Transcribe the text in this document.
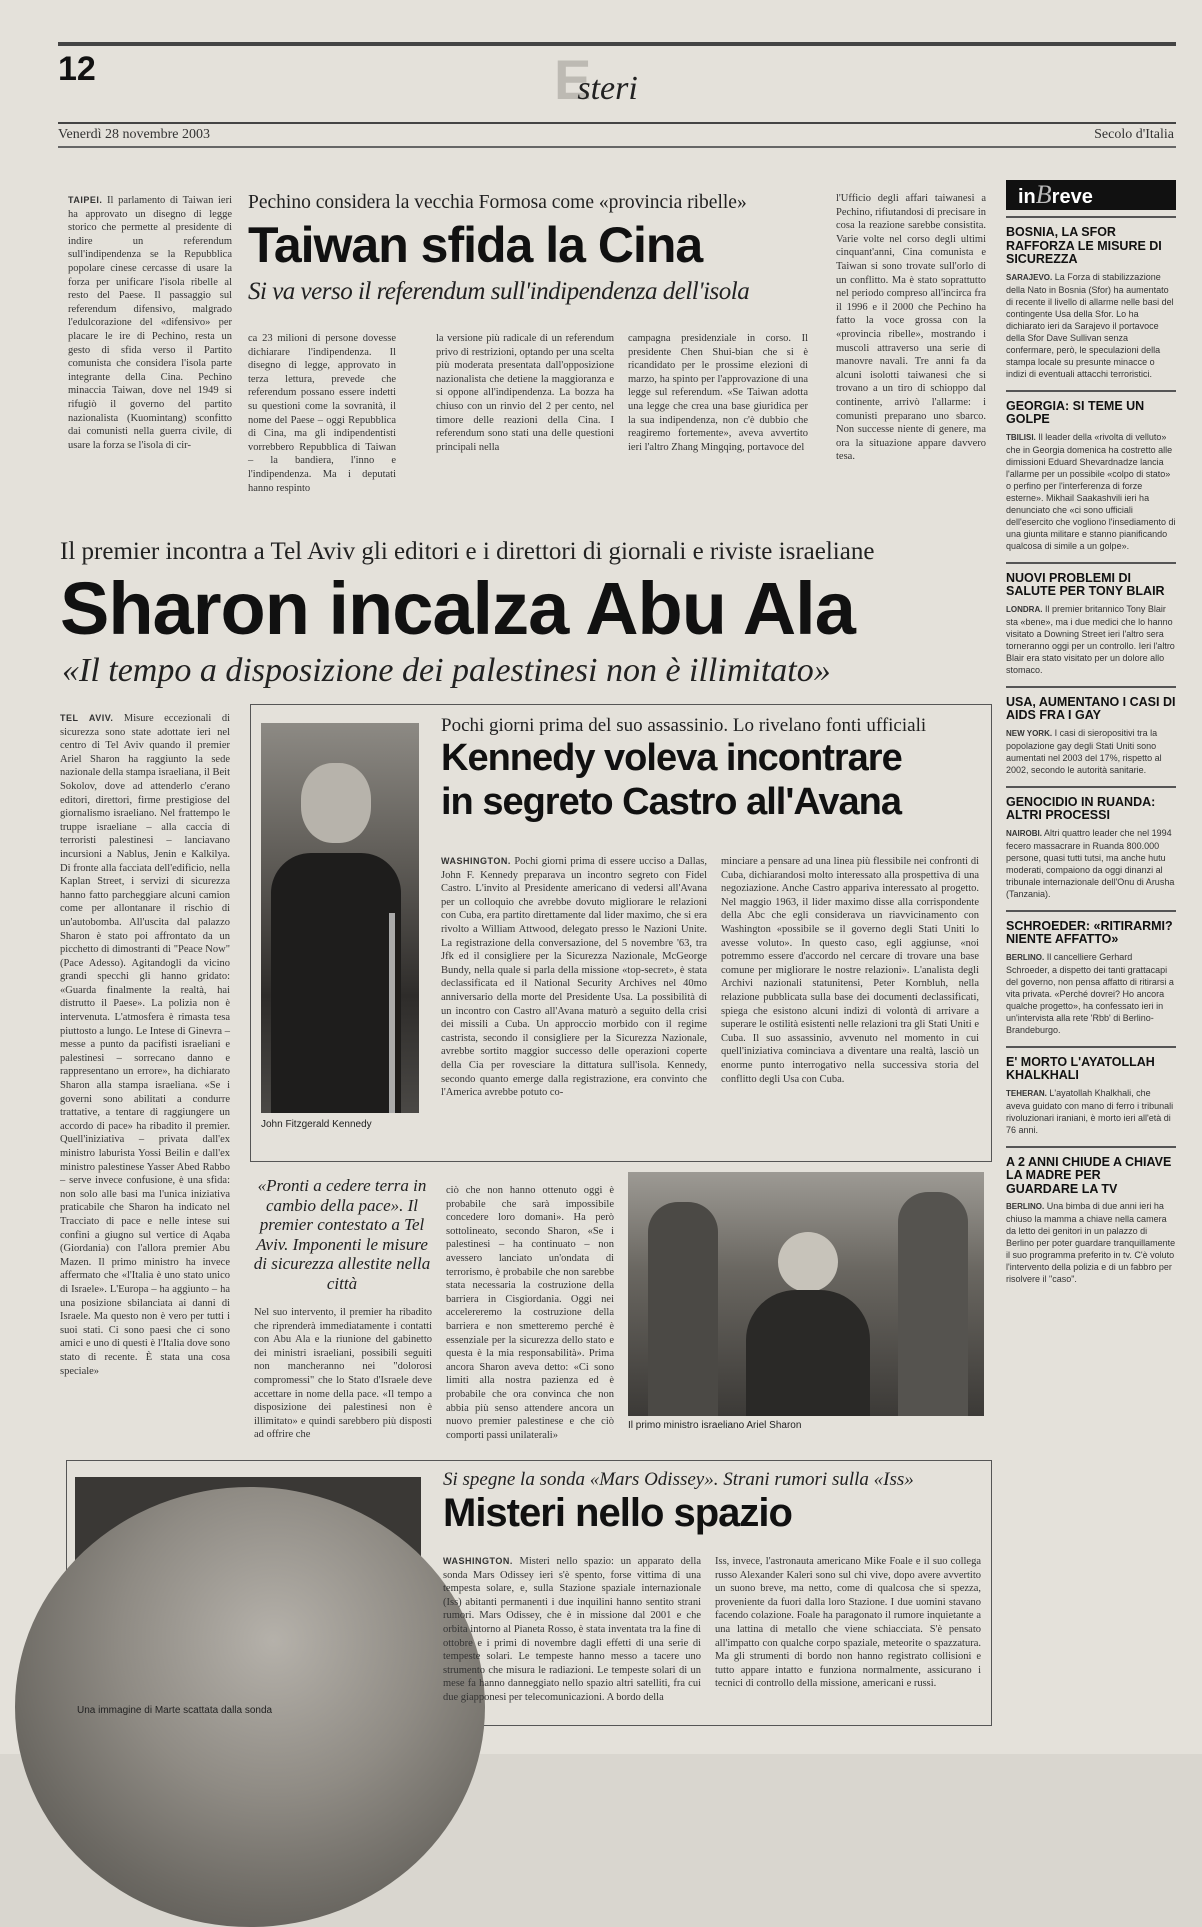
12	Esteri
Venerdì 28 novembre 2003	Secolo d'Italia
TAIPEI. Il parlamento di Taiwan ieri ha approvato un disegno di legge storico che permette al presidente di indire un referendum sull'indipendenza se la Repubblica popolare cinese cercasse di usare la forza per unificare l'isola ribelle al resto del Paese. Il passaggio sul referendum difensivo, malgrado l'edulcorazione del «difensivo» per placare le ire di Pechino, resta un gesto di sfida verso il Partito comunista che considera l'isola parte integrante della Cina. Pechino minaccia Taiwan, dove nel 1949 si rifugiò il governo del partito nazionalista (Kuomintang) sconfitto dai comunisti nella guerra civile, di usare la forza se l'isola di cir-
Pechino considera la vecchia Formosa come «provincia ribelle»
Taiwan sfida la Cina
Si va verso il referendum sull'indipendenza dell'isola
ca 23 milioni di persone dovesse dichiarare l'indipendenza. Il disegno di legge, approvato in terza lettura, prevede che referendum possano essere indetti su questioni come la sovranità, il nome del Paese – oggi Repubblica di Cina, ma gli indipendentisti vorrebbero Repubblica di Taiwan – la bandiera, l'inno e l'indipendenza. Ma i deputati hanno respinto
la versione più radicale di un referendum privo di restrizioni, optando per una scelta più moderata presentata dall'opposizione nazionalista che detiene la maggioranza e si oppone all'indipendenza. La bozza ha chiuso con un rinvio del 2 per cento, nel timore delle reazioni della Cina. I referendum sono stati una delle questioni principali nella
campagna presidenziale in corso. Il presidente Chen Shui-bian che si è ricandidato per le prossime elezioni di marzo, ha spinto per l'approvazione di una legge sul referendum. «Se Taiwan adotta una legge che crea una base giuridica per la sua indipendenza, non c'è dubbio che reagiremo fortemente», aveva avvertito ieri l'altro Zhang Mingqing, portavoce del
l'Ufficio degli affari taiwanesi a Pechino, rifiutandosi di precisare in cosa la reazione sarebbe consistita. Varie volte nel corso degli ultimi cinquant'anni, Cina comunista e Taiwan si sono trovate sull'orlo di un conflitto. Ma è stato soprattutto nel periodo compreso all'incirca fra il 1996 e il 2000 che Pechino ha fatto la voce grossa con la «provincia ribelle», mostrando i muscoli attraverso una serie di manovre navali. Tre anni fa da alcuni isolotti taiwanesi che si trovano a un tiro di schioppo dal continente, arrivò l'allarme: i comunisti preparano uno sbarco. Non successe niente di genere, ma ora la situazione appare davvero tesa.
inBreve
BOSNIA, LA SFOR RAFFORZA LE MISURE DI SICUREZZA
SARAJEVO. La Forza di stabilizzazione della Nato in Bosnia (Sfor) ha aumentato di recente il livello di allarme nelle basi del contingente Usa della Sfor. Lo ha dichiarato ieri da Sarajevo il portavoce della Sfor Dave Sullivan senza confermare, però, le speculazioni della stampa locale su presunte minacce o indizi di eventuali attacchi terroristici.
GEORGIA: SI TEME UN GOLPE
TBILISI. Il leader della «rivolta di velluto» che in Georgia domenica ha costretto alle dimissioni Eduard Shevardnadze lancia l'allarme per un possibile «colpo di stato» o perfino per l'interferenza di forze esterne». Mikhail Saakashvili ieri ha denunciato che «ci sono ufficiali dell'esercito che vogliono l'insediamento di una giunta militare e stanno pianificando qualcosa di simile a un golpe».
NUOVI PROBLEMI DI SALUTE PER TONY BLAIR
LONDRA. Il premier britannico Tony Blair sta «bene», ma i due medici che lo hanno visitato a Downing Street ieri l'altro sera torneranno oggi per un controllo. Ieri l'altro Blair era stato visitato per un dolore allo stomaco.
USA, AUMENTANO I CASI DI AIDS FRA I GAY
NEW YORK. I casi di sieropositivi tra la popolazione gay degli Stati Uniti sono aumentati nel 2003 del 17%, rispetto al 2002, secondo le autorità sanitarie.
GENOCIDIO IN RUANDA: ALTRI PROCESSI
NAIROBI. Altri quattro leader che nel 1994 fecero massacrare in Ruanda 800.000 persone, quasi tutti tutsi, ma anche hutu moderati, compaiono da oggi dinanzi al tribunale internazionale dell'Onu di Arusha (Tanzania).
SCHROEDER: «RITIRARMI? NIENTE AFFATTO»
BERLINO. Il cancelliere Gerhard Schroeder, a dispetto dei tanti grattacapi del governo, non pensa affatto di ritirarsi a vita privata. «Perché dovrei? Ho ancora qualche progetto», ha confessato ieri in un'intervista alla rete 'Rbb' di Berlino-Brandeburgo.
E' MORTO L'AYATOLLAH KHALKHALI
TEHERAN. L'ayatollah Khalkhali, che aveva guidato con mano di ferro i tribunali rivoluzionari iraniani, è morto ieri all'età di 76 anni.
A 2 ANNI CHIUDE A CHIAVE LA MADRE PER GUARDARE LA TV
BERLINO. Una bimba di due anni ieri ha chiuso la mamma a chiave nella camera da letto dei genitori in un palazzo di Berlino per poter guardare tranquillamente il suo programma preferito in tv. C'è voluto l'intervento della polizia e di un fabbro per risolvere il "caso".
Il premier incontra a Tel Aviv gli editori e i direttori di giornali e riviste israeliane
Sharon incalza Abu Ala
«Il tempo a disposizione dei palestinesi non è illimitato»
TEL AVIV. Misure eccezionali di sicurezza sono state adottate ieri nel centro di Tel Aviv quando il premier Ariel Sharon ha raggiunto la sede nazionale della stampa israeliana, il Beit Sokolov, dove ad attenderlo c'erano editori, direttori, firme prestigiose del giornalismo israeliano. Nel frattempo le truppe israeliane – alla caccia di terroristi palestinesi – lanciavano incursioni a Nablus, Jenin e Kalkilya. Di fronte alla facciata dell'edificio, nella Kaplan Street, i servizi di sicurezza hanno fatto parcheggiare alcuni camion come per allontanare il rischio di un'autobomba. All'uscita dal palazzo Sharon è stato poi affrontato da un picchetto di dimostranti di "Peace Now" (Pace Adesso). Agitandogli da vicino grandi specchi gli hanno gridato: «Guarda finalmente la realtà, hai distrutto il Paese». La polizia non è intervenuta. L'atmosfera è rimasta tesa piuttosto a lungo. Le Intese di Ginevra – messe a punto da pacifisti israeliani e palestinesi – sorrecano danno e rappresentano un errore», ha dichiarato Sharon alla stampa israeliana. «Se i governi sono abilitati a condurre trattative, a tentare di raggiungere un accordo di pace» ha ribadito il premier. Quell'iniziativa – privata dall'ex ministro laburista Yossi Beilin e dall'ex ministro palestinese Yasser Abed Rabbo – serve invece confusione, è una sfida: non solo alle basi ma l'unica iniziativa praticabile che Sharon ha indicato nel Tracciato di pace e nelle intese sui confini a giugno sul vertice di Aqaba (Giordania) con l'allora premier Abu Mazen. Il primo ministro ha invece affermato che «l'Italia è uno stato unico di Israele». L'Europa – ha aggiunto – ha una posizione sbilanciata ai danni di Israele. Ma questo non è vero per tutti i suoi stati. Ci sono paesi che ci sono amici e uno di questi è l'Italia dove sono stato di recente. È stata una cosa speciale»
John Fitzgerald Kennedy
Pochi giorni prima del suo assassinio. Lo rivelano fonti ufficiali
Kennedy voleva incontrare
in segreto Castro all'Avana
WASHINGTON. Pochi giorni prima di essere ucciso a Dallas, John F. Kennedy preparava un incontro segreto con Fidel Castro. L'invito al Presidente americano di vedersi all'Avana per un colloquio che avrebbe dovuto migliorare le relazioni con Cuba, era partito direttamente dal lider maximo, che si era rivolto a William Attwood, delegato presso le Nazioni Unite. La registrazione della conversazione, del 5 novembre '63, tra Jfk ed il consigliere per la Sicurezza Nazionale, McGeorge Bundy, nella quale si parla della missione «top-secret», è stata declassificata ed il National Security Archives nel 40mo anniversario della morte del Presidente Usa. La possibilità di un incontro con Castro all'Avana maturò a seguito della crisi dei missili a Cuba. Un approccio morbido con il regime castrista, secondo il consigliere per la Sicurezza Nazionale, avrebbe sortito maggior successo delle operazioni coperte della Cia per rovesciare la dittatura sull'isola. Kennedy, secondo quanto emerge dalla registrazione, era convinto che l'America avrebbe potuto co-
minciare a pensare ad una linea più flessibile nei confronti di Cuba, dichiarandosi molto interessato alla prospettiva di una negoziazione. Anche Castro appariva interessato al progetto. Nel maggio 1963, il lider maximo disse alla corrispondente della Abc che egli considerava un riavvicinamento con Washington «possibile se il governo degli Stati Uniti lo avesse voluto». In questo caso, egli aggiunse, «noi potremmo essere d'accordo nel cercare di trovare una base comune per migliorare le nostre relazioni». L'analista degli Archivi nazionali statunitensi, Peter Kornbluh, nella relazione pubblicata sulla base dei documenti declassificati, spiega che esistono alcuni indizi di volontà di arrivare a superare le ostilità esistenti nelle relazioni tra gli Stati Uniti e Cuba. Il suo assassinio, avvenuto nel momento in cui quell'iniziativa cominciava a diventare una realtà, lasciò un enorme punto interrogativo nella successiva storia del conflitto degli Usa con Cuba.
«Pronti a cedere terra in cambio della pace». Il premier contestato a Tel Aviv. Imponenti le misure di sicurezza allestite nella città
Nel suo intervento, il premier ha ribadito che riprenderà immediatamente i contatti con Abu Ala e la riunione del gabinetto dei ministri israeliani, possibili seguiti non mancheranno nei "dolorosi compromessi" che lo Stato d'Israele deve accettare in nome della pace. «Il tempo a disposizione dei palestinesi non è illimitato» e quindi sarebbero più disposti ad offrire che
ciò che non hanno ottenuto oggi è probabile che sarà impossibile concedere loro domani». Ha però sottolineato, secondo Sharon, «Se i palestinesi – ha continuato – non avessero lanciato un'ondata di terrorismo, è probabile che non sarebbe stata necessaria la costruzione della barriera in Cisgiordania. Oggi nei accelereremo la costruzione della barriera e non smetteremo perché è essenziale per la sicurezza dello stato e questa è la mia responsabilità». Prima ancora Sharon aveva detto: «Ci sono limiti alla nostra pazienza ed è probabile che ora convinca che non abbia più senso attendere ancora un nuovo premier palestinese e che ciò comporti passi unilaterali»
Il primo ministro israeliano Ariel Sharon
Una immagine di Marte scattata dalla sonda
Si spegne la sonda «Mars Odissey». Strani rumori sulla «Iss»
Misteri nello spazio
WASHINGTON. Misteri nello spazio: un apparato della sonda Mars Odissey ieri s'è spento, forse vittima di una tempesta solare, e, sulla Stazione spaziale internazionale (Iss) abitanti permanenti i due inquilini hanno sentito strani rumori. Mars Odissey, che è in missione dal 2001 e che orbita intorno al Pianeta Rosso, è stata inventata tra la fine di ottobre e i primi di novembre dagli effetti di una serie di tempeste solari. Le tempeste hanno messo a tacere uno strumento che misura le radiazioni. Le tempeste solari di un mese fa hanno danneggiato nello spazio altri satelliti, fra cui due giapponesi per telecomunicazioni. A bordo della
Iss, invece, l'astronauta americano Mike Foale e il suo collega russo Alexander Kaleri sono sul chi vive, dopo avere avvertito un suono breve, ma netto, come di qualcosa che si spezza, proveniente da fuori dalla loro Stazione. I due uomini stavano facendo colazione. Foale ha paragonato il rumore inquietante a una lattina di metallo che viene schiacciata. S'è pensato all'impatto con qualche corpo spaziale, meteorite o spazzatura. Ma gli strumenti di bordo non hanno registrato collisioni e tutto appare intatto e funziona normalmente, assicurano i tecnici di controllo della missione, americani e russi.
